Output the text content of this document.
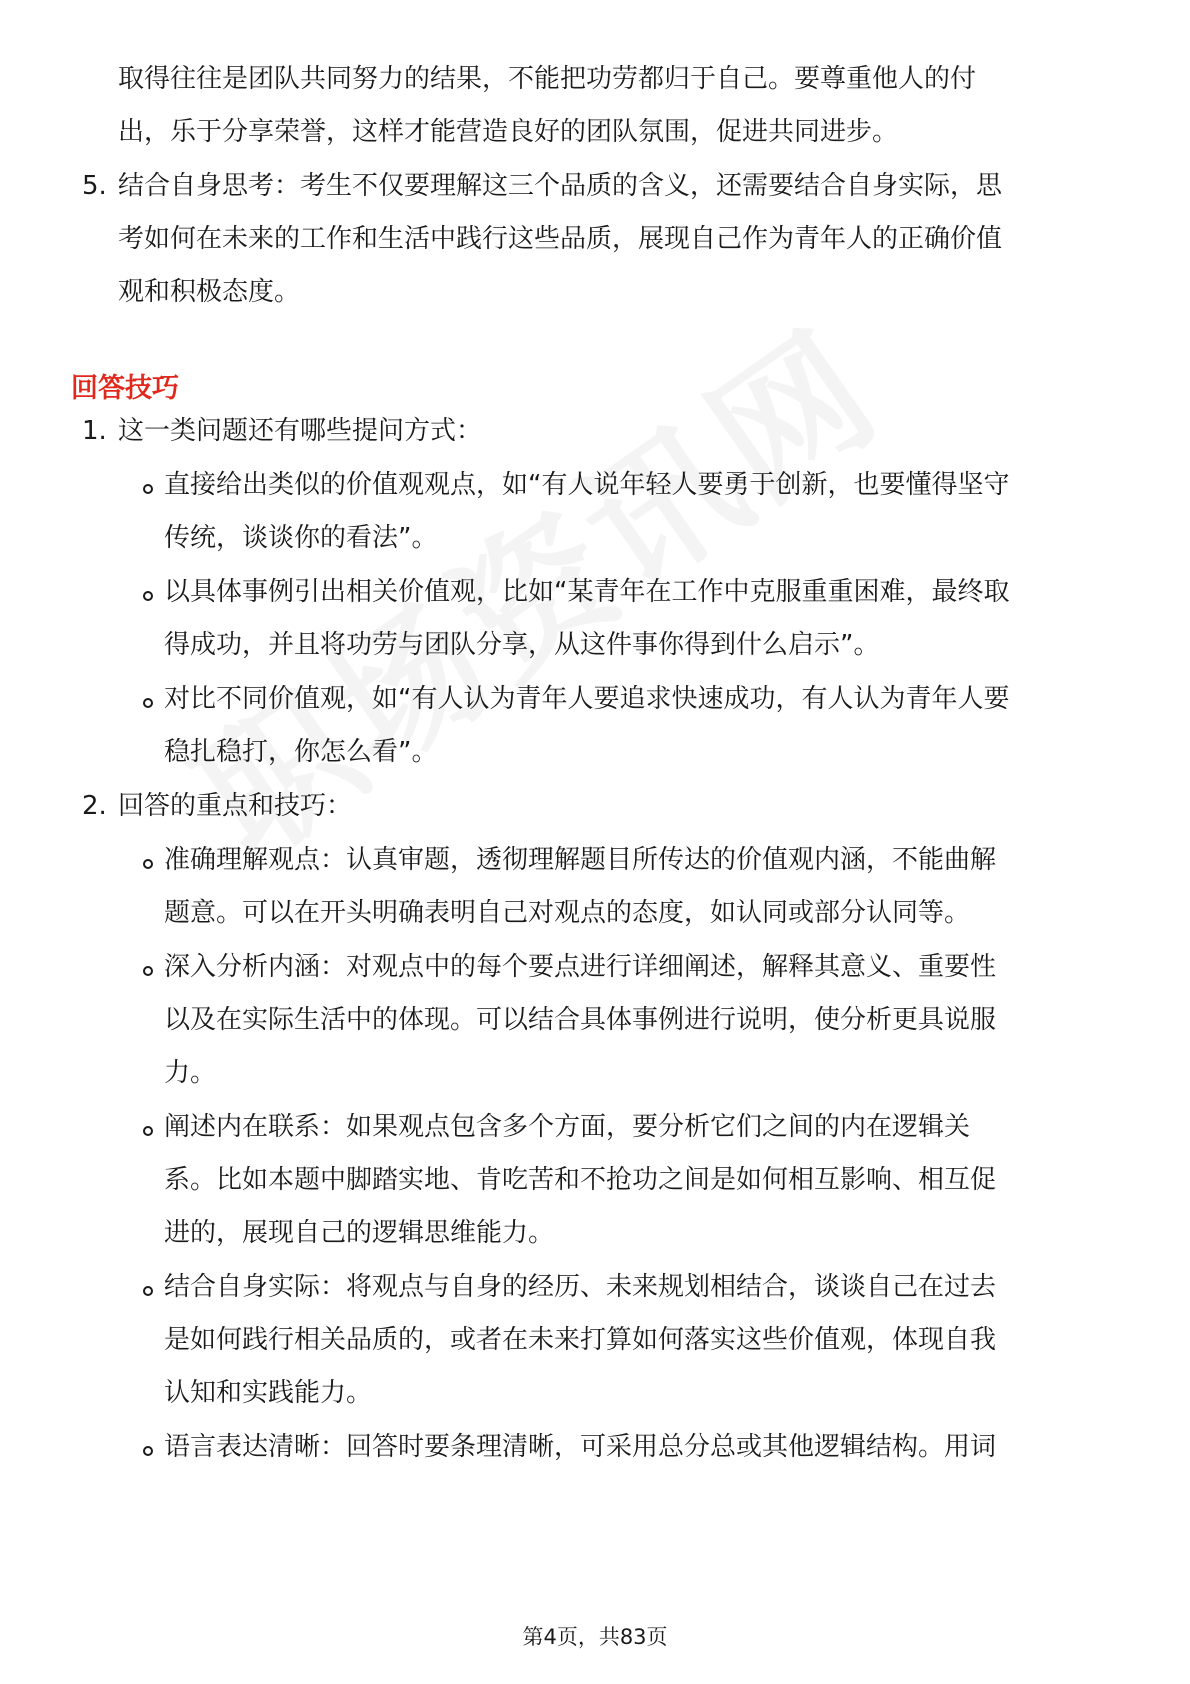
取得往往是团队共同努力的结果，不能把功劳都归于自己。要尊重他人的付
出，乐于分享荣誉，这样才能营造良好的团队氛围，促进共同进步。
5. 结合自身思考：考生不仅要理解这三个品质的含义，还需要结合自身实际，思
考如何在未来的工作和生活中践行这些品质，展现自己作为青年人的正确价值
观和积极态度。
回答技巧
1. 这一类问题还有哪些提问方式：
直接给出类似的价值观观点，如“有人说年轻人要勇于创新，也要懂得坚守
传统，谈谈你的看法”。
以具体事例引出相关价值观，比如“某青年在工作中克服重重困难，最终取
得成功，并且将功劳与团队分享，从这件事你得到什么启示”。
对比不同价值观，如“有人认为青年人要追求快速成功，有人认为青年人要
稳扎稳打，你怎么看”。
2. 回答的重点和技巧：
准确理解观点：认真审题，透彻理解题目所传达的价值观内涵，不能曲解
题意。可以在开头明确表明自己对观点的态度，如认同或部分认同等。
深入分析内涵：对观点中的每个要点进行详细阐述，解释其意义、重要性
以及在实际生活中的体现。可以结合具体事例进行说明，使分析更具说服
力。
阐述内在联系：如果观点包含多个方面，要分析它们之间的内在逻辑关
系。比如本题中脚踏实地、肯吃苦和不抢功之间是如何相互影响、相互促
进的，展现自己的逻辑思维能力。
结合自身实际：将观点与自身的经历、未来规划相结合，谈谈自己在过去
是如何践行相关品质的，或者在未来打算如何落实这些价值观，体现自我
认知和实践能力。
语言表达清晰：回答时要条理清晰，可采用总分总或其他逻辑结构。用词
第4页，共83页
